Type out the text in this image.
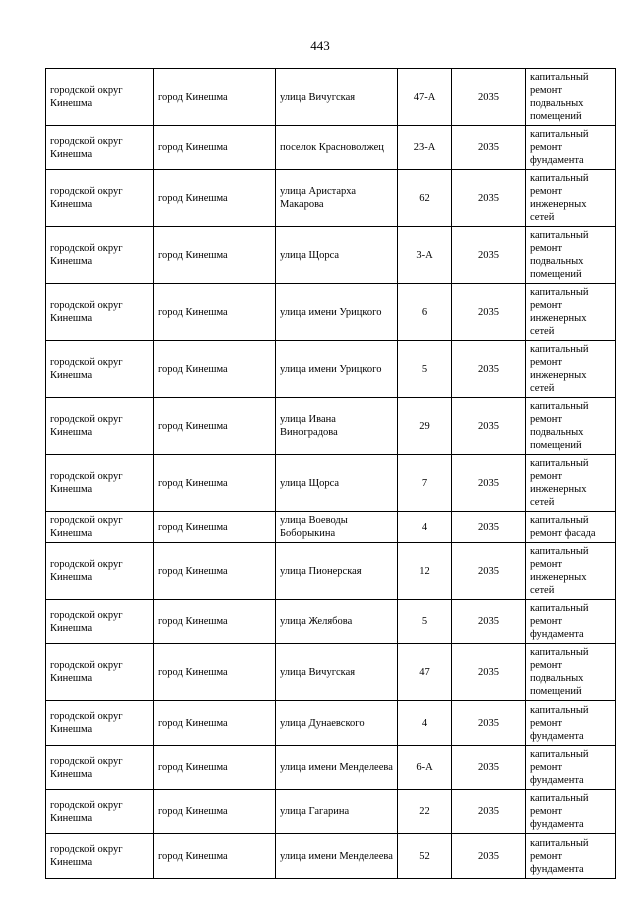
443
городской округ Кинешма	город Кинешма	улица Вичугская	47-А	2035	капитальный ремонт подвальных помещений

городской округ Кинешма	город Кинешма	поселок Красноволжец	23-А	2035	капитальный ремонт фундамента

городской округ Кинешма	город Кинешма	улица Аристарха Макарова	62	2035	капитальный ремонт инженерных сетей

городской округ Кинешма	город Кинешма	улица Щорса	3-А	2035	капитальный ремонт подвальных помещений

городской округ Кинешма	город Кинешма	улица имени Урицкого	6	2035	капитальный ремонт инженерных сетей

городской округ Кинешма	город Кинешма	улица имени Урицкого	5	2035	капитальный ремонт инженерных сетей

городской округ Кинешма	город Кинешма	улица Ивана Виноградова	29	2035	капитальный ремонт подвальных помещений

городской округ Кинешма	город Кинешма	улица Щорса	7	2035	капитальный ремонт инженерных сетей

городской округ Кинешма	город Кинешма	улица Воеводы Боборыкина	4	2035	капитальный ремонт фасада

городской округ Кинешма	город Кинешма	улица Пионерская	12	2035	капитальный ремонт инженерных сетей

городской округ Кинешма	город Кинешма	улица Желябова	5	2035	капитальный ремонт фундамента

городской округ Кинешма	город Кинешма	улица Вичугская	47	2035	капитальный ремонт подвальных помещений

городской округ Кинешма	город Кинешма	улица Дунаевского	4	2035	капитальный ремонт фундамента

городской округ Кинешма	город Кинешма	улица имени Менделеева	6-А	2035	капитальный ремонт фундамента

городской округ Кинешма	город Кинешма	улица Гагарина	22	2035	капитальный ремонт фундамента

городской округ Кинешма	город Кинешма	улица имени Менделеева	52	2035	капитальный ремонт фундамента
